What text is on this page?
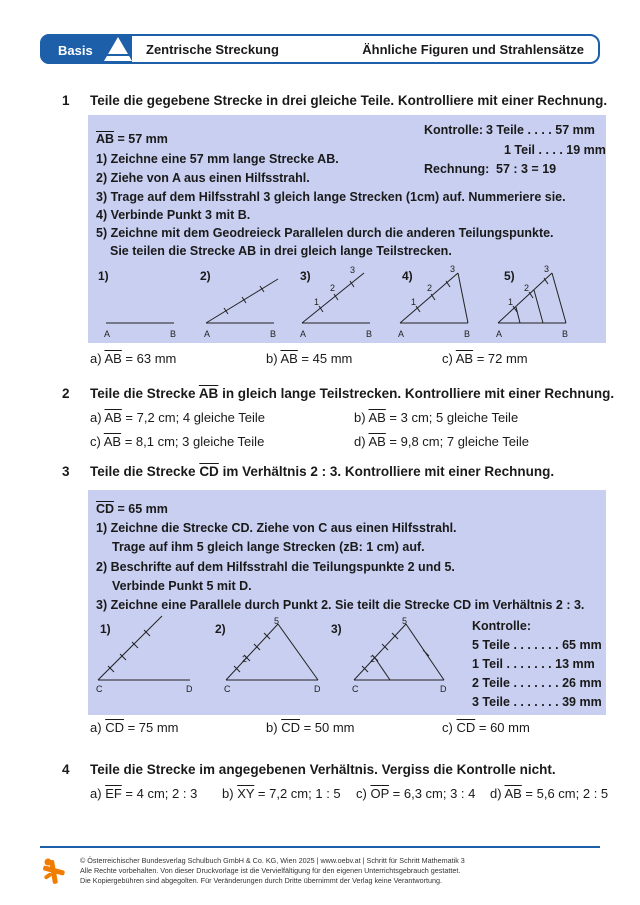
Basis	Zentrische Streckung	Ähnliche Figuren und Strahlensätze
1 Teile die gegebene Strecke in drei gleiche Teile. Kontrolliere mit einer Rechnung.
$\overline{AB} = 57$ mm
1) Zeichne eine 57 mm lange Strecke AB.
2) Ziehe von A aus einen Hilfsstrahl.
3) Trage auf dem Hilfsstrahl 3 gleich lange Strecken (1cm) auf. Nummeriere sie.
4) Verbinde Punkt 3 mit B.
5) Zeichne mit dem Geodreieck Parallelen durch die anderen Teilungspunkte.
Sie teilen die Strecke AB in drei gleich lange Teilstrecken.
Kontrolle: 3 Teile . . . . 57 mm
1 Teil . . . . 19 mm
Rechnung: 57 : 3 = 19
1)	2)	3)	4)	5)
A	B	A	B	A	B
1
2
3
A	B
1
2
3
A	B
1
2
3
a) $\overline{AB} = 63$ mm	b) $\overline{AB} = 45$ mm	c) $\overline{AB} = 72$ mm
2 Teile die Strecke $\overline{AB}$ in gleich lange Teilstrecken. Kontrolliere mit einer Rechnung.
a) $\overline{AB} = 7,2$ cm; 4 gleiche Teile	b) $\overline{AB} = 3$ cm; 5 gleiche Teile
c) $\overline{AB} = 8,1$ cm; 3 gleiche Teile	d) $\overline{AB} = 9,8$ cm; 7 gleiche Teile
3 Teile die Strecke $\overline{CD}$ im Verhältnis 2 : 3. Kontrolliere mit einer Rechnung.
$\overline{CD} = 65$ mm
1) Zeichne die Strecke CD. Ziehe von C aus einen Hilfsstrahl.
Trage auf ihm 5 gleich lange Strecken (zB: 1 cm) auf.
2) Beschrifte auf dem Hilfsstrahl die Teilungspunkte 2 und 5.
Verbinde Punkt 5 mit D.
3) Zeichne eine Parallele durch Punkt 2. Sie teilt die Strecke CD im Verhältnis 2 : 3.
1)	2)	3)	Kontrolle:
5 Teile . . . . . . . 65 mm
1 Teil . . . . . . . 13 mm
2 Teile . . . . . . . 26 mm
3 Teile . . . . . . . 39 mm
C	D	C	D
2
5
C	D
2
5
a) $\overline{CD} = 75$ mm	b) $\overline{CD} = 50$ mm	c) $\overline{CD} = 60$ mm
4 Teile die Strecke im angegebenen Verhältnis. Vergiss die Kontrolle nicht.
a) $\overline{EF} = 4$ cm; 2 : 3 b) $\overline{XY} = 7,2$ cm; 1 : 5 c) $\overline{OP} = 6,3$ cm; 3 : 4 d) $\overline{AB} = 5,6$ cm; 2 : 5
© Österreichischer Bundesverlag Schulbuch GmbH & Co. KG, Wien 2025 | www.oebv.at | Schritt für Schritt Mathematik 3
Alle Rechte vorbehalten. Von dieser Druckvorlage ist die Vervielfältigung für den eigenen Unterrichtsgebrauch gestattet.
Die Kopiergebühren sind abgegolten. Für Veränderungen durch Dritte übernimmt der Verlag keine Verantwortung.
